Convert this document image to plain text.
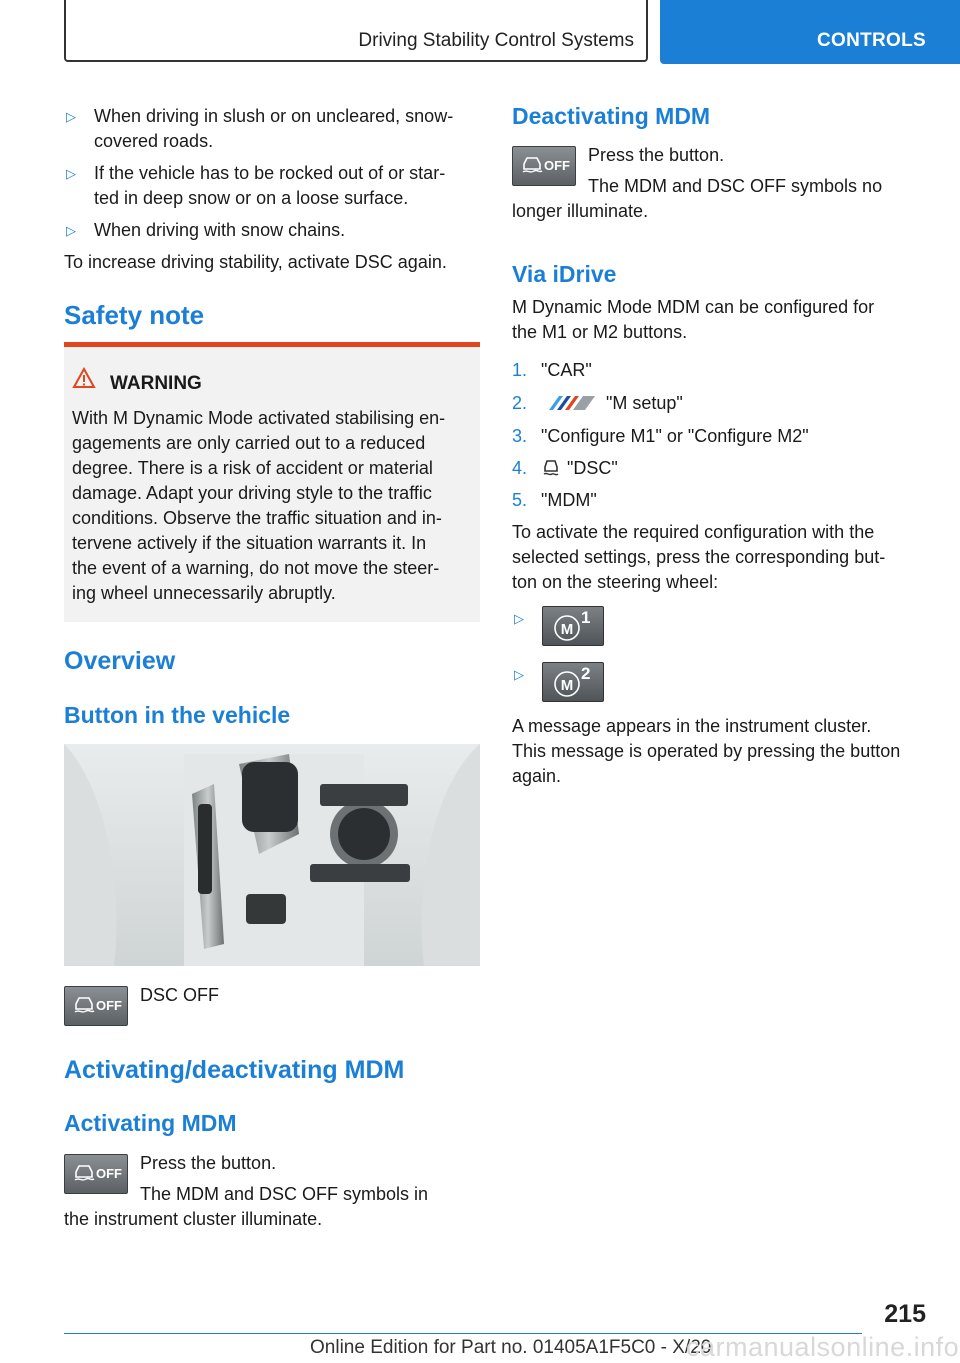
Driving Stability Control Systems	CONTROLS
▷ When driving in slush or on uncleared, snow-
covered roads.
▷ If the vehicle has to be rocked out of or star-
ted in deep snow or on a loose surface.
▷ When driving with snow chains.
To increase driving stability, activate DSC again.
Safety note
WARNING
With M Dynamic Mode activated stabilising en-
gagements are only carried out to a reduced
degree. There is a risk of accident or material
damage. Adapt your driving style to the traffic
conditions. Observe the traffic situation and in-
tervene actively if the situation warrants it. In
the event of a warning, do not move the steer-
ing wheel unnecessarily abruptly.
Overview
Button in the vehicle
OFF
DSC OFF
Activating/deactivating MDM
Activating MDM
OFF
Press the button.
The MDM and DSC OFF symbols in
the instrument cluster illuminate.
Deactivating MDM
OFF
Press the button.
The MDM and DSC OFF symbols no
longer illuminate.
Via iDrive
M Dynamic Mode MDM can be configured for
the M1 or M2 buttons.
1. "CAR"
2.	"M setup"
3. "Configure M1" or "Configure M2"
4. "DSC"
5. "MDM"
To activate the required configuration with the
selected settings, press the corresponding but-
ton on the steering wheel:
▷
M
1
▷
M
2
A message appears in the instrument cluster.
This message is operated by pressing the button
again.
215
Online Edition for Part no. 01405A1F5C0 - X/20
carmanualsonline.info
